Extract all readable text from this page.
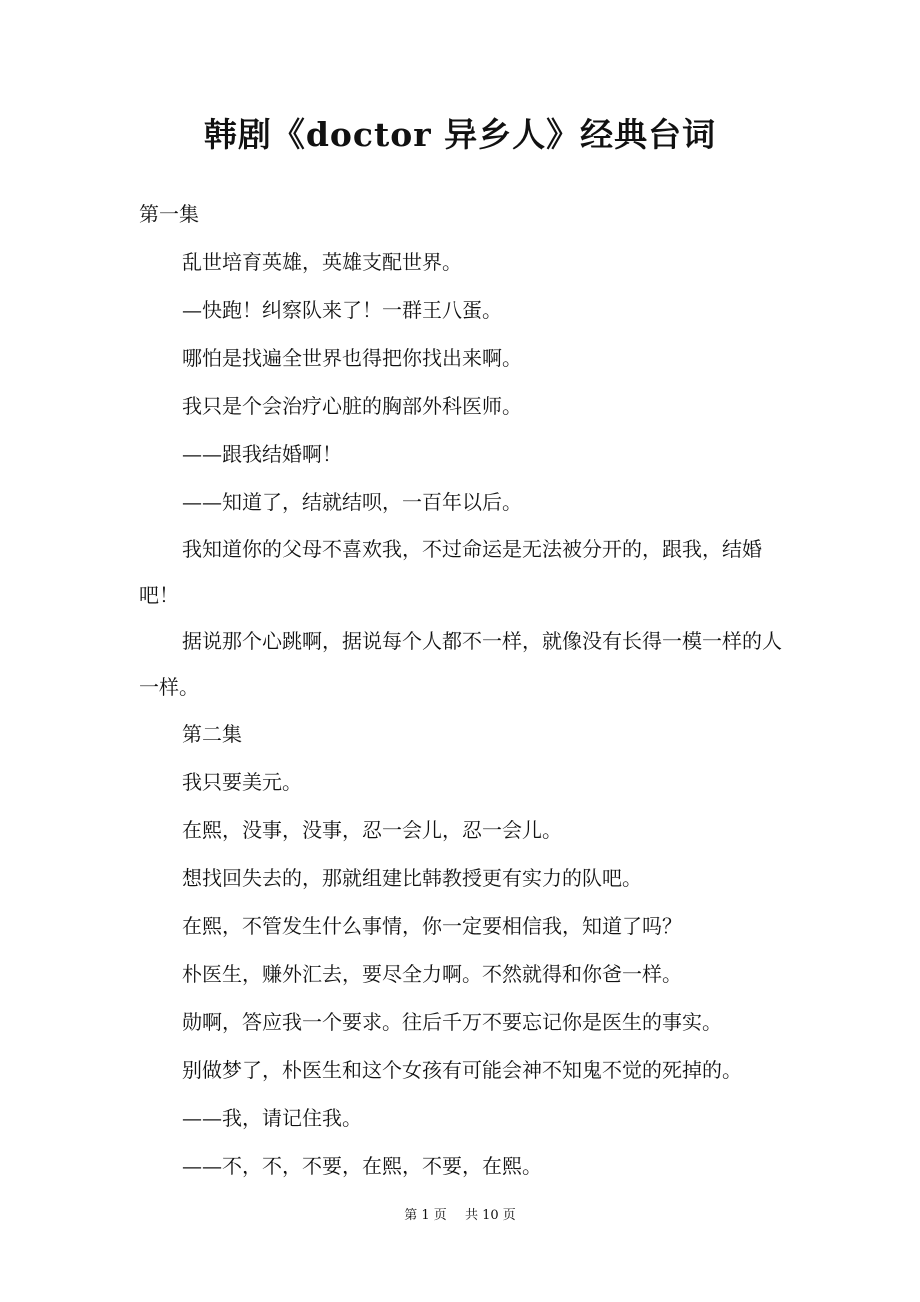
韩剧《doctor 异乡人》经典台词

第一集

乱世培育英雄，英雄支配世界。

—快跑！纠察队来了！一群王八蛋。

哪怕是找遍全世界也得把你找出来啊。

我只是个会治疗心脏的胸部外科医师。

——跟我结婚啊！

——知道了，结就结呗，一百年以后。

我知道你的父母不喜欢我，不过命运是无法被分开的，跟我，结婚吧！

据说那个心跳啊，据说每个人都不一样，就像没有长得一模一样的人一样。

第二集

我只要美元。

在熙，没事，没事，忍一会儿，忍一会儿。

想找回失去的，那就组建比韩教授更有实力的队吧。

在熙，不管发生什么事情，你一定要相信我，知道了吗？

朴医生，赚外汇去，要尽全力啊。不然就得和你爸一样。

勋啊，答应我一个要求。往后千万不要忘记你是医生的事实。

别做梦了，朴医生和这个女孩有可能会神不知鬼不觉的死掉的。

——我，请记住我。

——不，不，不要，在熙，不要，在熙。

第 1 页 共 10 页
